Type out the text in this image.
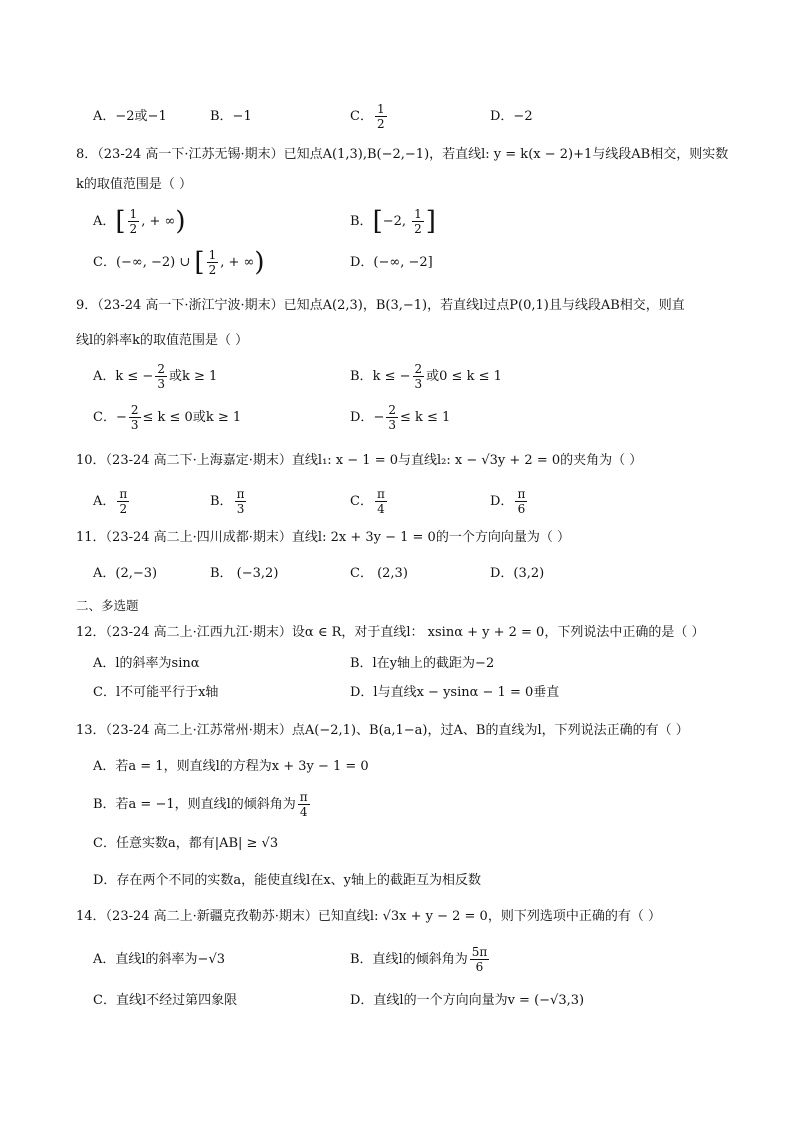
A．−2或−1	B．−1	C． $\frac{1}{2}$	D．−2
8．（23-24 高一下·江苏无锡·期末）已知点A(1,3),B(−2,−1)，若直线l: y = k(x − 2)+1与线段AB相交，则实数
k的取值范围是（ ）
A．[ $\frac{1}{2}$ , + ∞)	B．[−2, $\frac{1}{2}$ ]
C．(−∞, −2) ∪ [ $\frac{1}{2}$ , + ∞)	D．(−∞, −2]
9．（23-24 高一下·浙江宁波·期末）已知点A(2,3)，B(3,−1)，若直线l过点P(0,1)且与线段AB相交，则直
线l的斜率k的取值范围是（ ）
A．k ≤ − $\frac{2}{3}$ 或k ≥ 1	B．k ≤ − $\frac{2}{3}$ 或0 ≤ k ≤ 1
C．− $\frac{2}{3} \le k \le 0$或k ≥ 1	D．− $\frac{2}{3} \le k \le 1$
10．（23-24 高二下·上海嘉定·期末）直线l₁: x − 1 = 0与直线l₂: x − √3y + 2 = 0的夹角为（ ）
A． $\frac{\pi}{2}$	B． $\frac{\pi}{3}$	C． $\frac{\pi}{4}$	D． $\frac{\pi}{6}$
11．（23-24 高二上·四川成都·期末）直线l: 2x + 3y − 1 = 0的一个方向向量为（ ）
A．(2,−3)	B． (−3,2)	C． (2,3)	D．(3,2)
二、多选题
12．（23-24 高二上·江西九江·期末）设α ∈ R，对于直线l： xsinα + y + 2 = 0，下列说法中正确的是（ ）
A．l的斜率为sinα	B．l在y轴上的截距为−2
C．l不可能平行于x轴	D．l与直线x − ysinα − 1 = 0垂直
13．（23-24 高二上·江苏常州·期末）点A(−2,1)、B(a,1−a)，过A、B的直线为l，下列说法正确的有（ ）
A．若a = 1，则直线l的方程为x + 3y − 1 = 0
B．若a = −1，则直线l的倾斜角为 $\frac{\pi}{4}$
C．任意实数a，都有|AB| ≥ √3
D．存在两个不同的实数a，能使直线l在x、y轴上的截距互为相反数
14．（23-24 高二上·新疆克孜勒苏·期末）已知直线l: √3x + y − 2 = 0，则下列选项中正确的有（ ）
A．直线l的斜率为−√3	B．直线l的倾斜角为 $\frac{5\pi}{6}$
C．直线l不经过第四象限	D．直线l的一个方向向量为v = (−√3,3)
